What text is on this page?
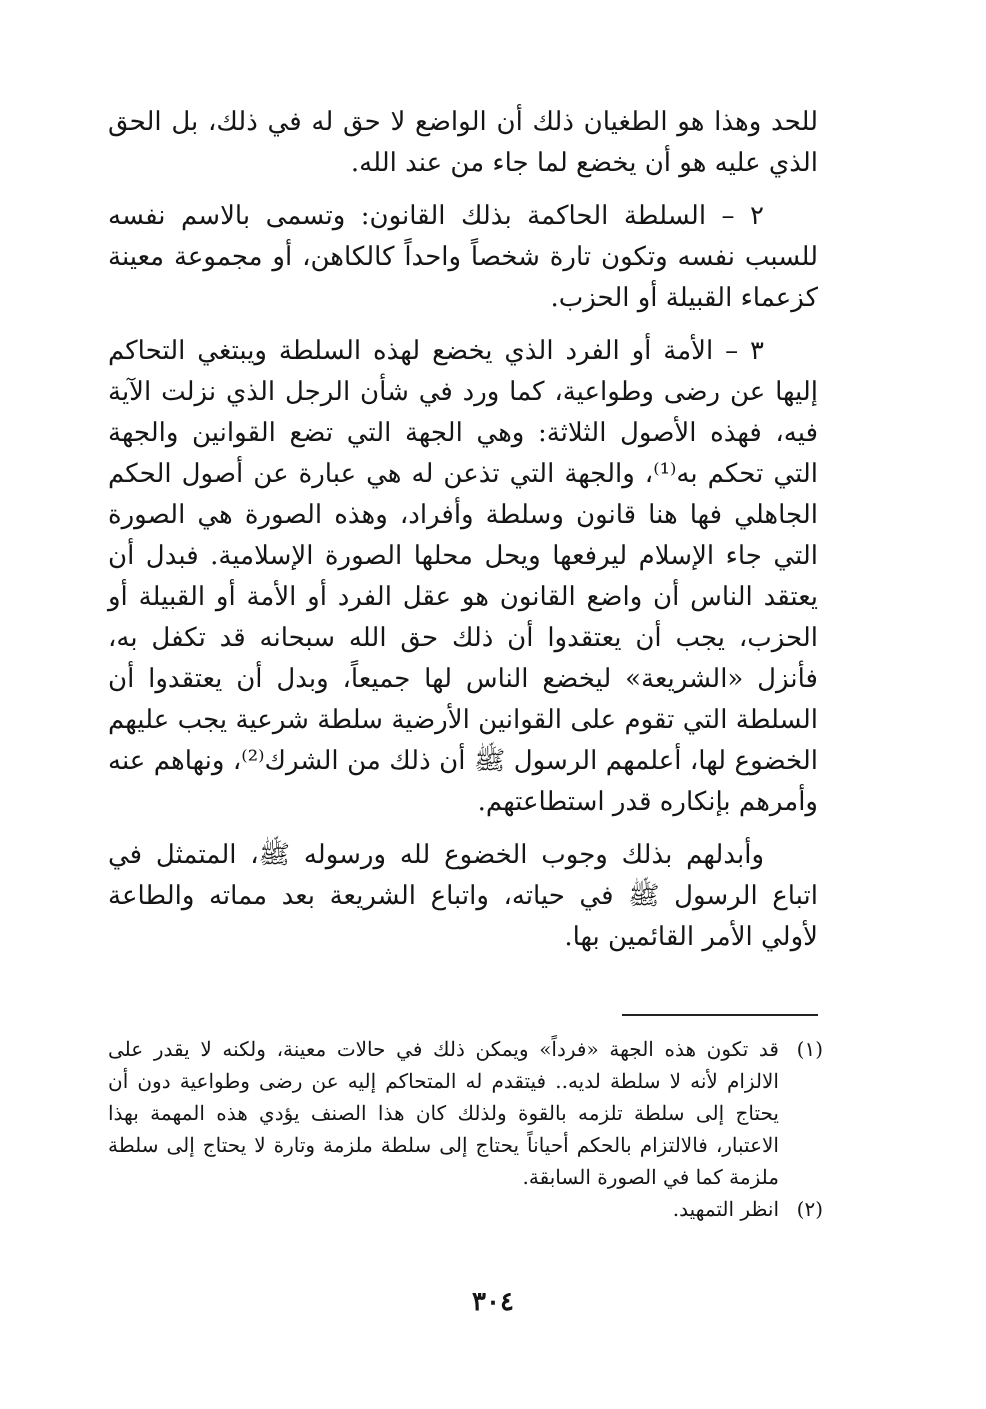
للحد وهذا هو الطغيان ذلك أن الواضع لا حق له في ذلك، بل الحق الذي عليه هو أن يخضع لما جاء من عند الله.

٢ – السلطة الحاكمة بذلك القانون: وتسمى بالاسم نفسه للسبب نفسه وتكون تارة شخصاً واحداً كالكاهن، أو مجموعة معينة كزعماء القبيلة أو الحزب.

٣ – الأمة أو الفرد الذي يخضع لهذه السلطة ويبتغي التحاكم إليها عن رضى وطواعية، كما ورد في شأن الرجل الذي نزلت الآية فيه، فهذه الأصول الثلاثة: وهي الجهة التي تضع القوانين والجهة التي تحكم به⁽¹⁾، والجهة التي تذعن له هي عبارة عن أصول الحكم الجاهلي فها هنا قانون وسلطة وأفراد، وهذه الصورة هي الصورة التي جاء الإسلام ليرفعها ويحل محلها الصورة الإسلامية. فبدل أن يعتقد الناس أن واضع القانون هو عقل الفرد أو الأمة أو القبيلة أو الحزب، يجب أن يعتقدوا أن ذلك حق الله سبحانه قد تكفل به، فأنزل «الشريعة» ليخضع الناس لها جميعاً، وبدل أن يعتقدوا أن السلطة التي تقوم على القوانين الأرضية سلطة شرعية يجب عليهم الخضوع لها، أعلمهم الرسول ﷺ أن ذلك من الشرك⁽²⁾، ونهاهم عنه وأمرهم بإنكاره قدر استطاعتهم.

وأبدلهم بذلك وجوب الخضوع لله ورسوله ﷺ، المتمثل في اتباع الرسول ﷺ في حياته، واتباع الشريعة بعد مماته والطاعة لأولي الأمر القائمين بها.

(١)
قد تكون هذه الجهة «فرداً» ويمكن ذلك في حالات معينة، ولكنه لا يقدر على الالزام لأنه لا سلطة لديه.. فيتقدم له المتحاكم إليه عن رضى وطواعية دون أن يحتاج إلى سلطة تلزمه بالقوة ولذلك كان هذا الصنف يؤدي هذه المهمة بهذا الاعتبار، فالالتزام بالحكم أحياناً يحتاج إلى سلطة ملزمة وتارة لا يحتاج إلى سلطة ملزمة كما في الصورة السابقة.
(٢)
انظر التمهيد.
٣٠٤
